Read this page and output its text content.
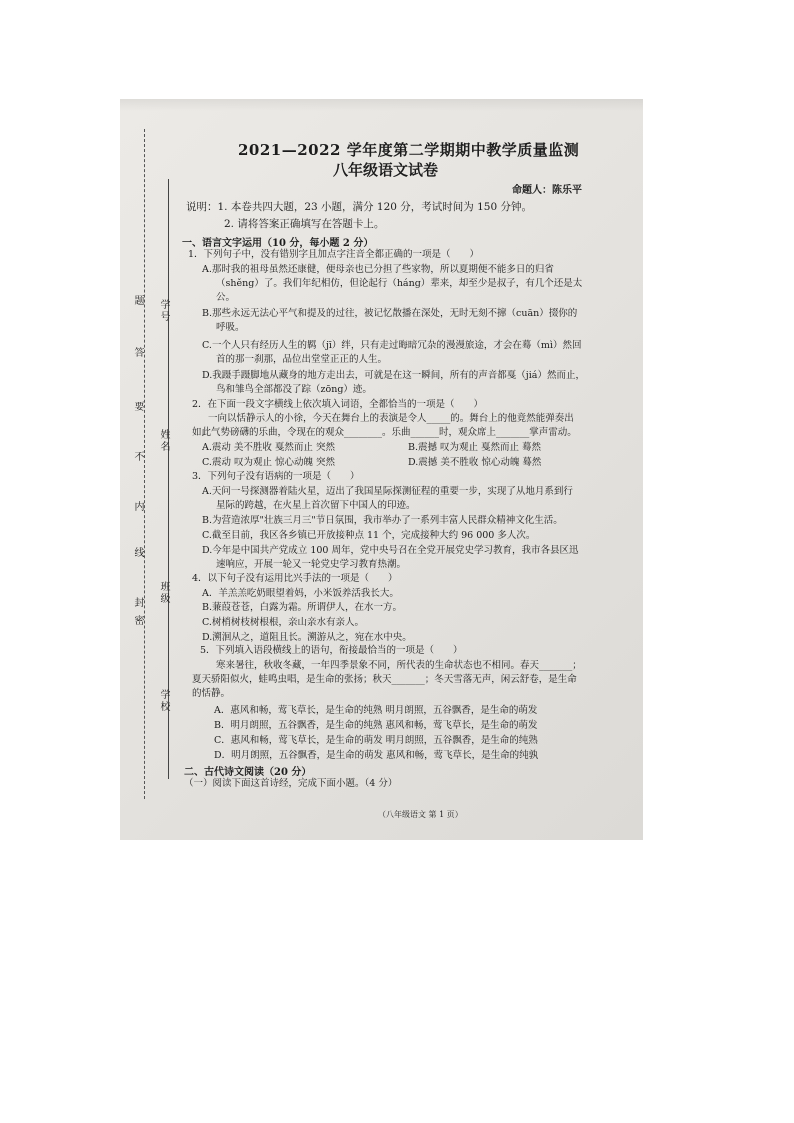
题
答
要
不
内
线
封
密
学号
姓名
班级
学校
2021—2022 学年度第二学期期中教学质量监测
八年级语文试卷
命题人：陈乐平
说明：1. 本卷共四大题，23 小题，满分 120 分，考试时间为 150 分钟。
2. 请将答案正确填写在答题卡上。
一、语言文字运用（10 分，每小题 2 分）
1．下列句子中，没有错别字且加点字注音全都正确的一项是（　　）
A.那时我的祖母虽然还康健，便母亲也已分担了些家物，所以夏期便不能多日的归省
（shěng）了。我们年纪相仿，但论起行（háng）辈来，却至少是叔子，有几个还是太
公。
B.那些永远无法心平气和提及的过往，被记忆散播在深处，无时无刻不撺（cuān）掇你的
呼吸。
C.一个人只有经历人生的羁（jī）绊，只有走过晦暗冗杂的漫漫旅途，才会在蓦（mì）然回
首的那一刹那，品位出堂堂正正的人生。
D.我蹑手蹑脚地从藏身的地方走出去，可就是在这一瞬间，所有的声音都戛（jiá）然而止，
鸟和雏鸟全部都没了踪（zōng）迹。
2．在下面一段文字横线上依次填入词语，全都恰当的一项是（　　）
一向以恬静示人的小徐，今天在舞台上的表演是令人_____的。舞台上的他竟然能弹奏出
如此气势磅礴的乐曲，令现在的观众________。乐曲______时，观众席上_______掌声雷动。
A.震动 美不胜收 戛然而止 突然	B.震撼 叹为观止 戛然而止 蓦然
C.震动 叹为观止 惊心动魄 突然	D.震撼 美不胜收 惊心动魄 蓦然
3．下列句子没有语病的一项是（　　）
A.天问一号探测器着陆火星，迈出了我国星际探测征程的重要一步，实现了从地月系到行
星际的跨越，在火星上首次留下中国人的印迹。
B.为营造浓厚"壮族三月三"节日氛围，我市举办了一系列丰富人民群众精神文化生活。
C.截至目前，我区各乡镇已开放接种点 11 个，完成接种大约 96 000 多人次。
D.今年是中国共产党成立 100 周年，党中央号召在全党开展党史学习教育，我市各县区迅
速响应，开展一轮又一轮党史学习教育热潮。
4．以下句子没有运用比兴手法的一项是（　　）
A．羊羔羔吃奶眼望着妈，小米饭养活我长大。
B.蒹葭苍苍，白露为霜。所谓伊人，在水一方。
C.树梢树枝树根根，亲山亲水有亲人。
D.溯洄从之，道阻且长。溯游从之，宛在水中央。
5．下列填入语段横线上的语句，衔接最恰当的一项是（　　）
寒来暑往，秋收冬藏，一年四季景象不同，所代表的生命状态也不相同。春天_______；
夏天骄阳似火，蛙鸣虫唱，是生命的张扬；秋天_______；冬天雪落无声，闲云舒卷，是生命
的恬静。
A．惠风和畅，莺飞草长，是生命的纯熟 明月朗照，五谷飘香，是生命的萌发
B．明月朗照，五谷飘香，是生命的纯熟 惠风和畅，莺飞草长，是生命的萌发
C．惠风和畅，莺飞草长，是生命的萌发 明月朗照，五谷飘香，是生命的纯熟
D．明月朗照，五谷飘香，是生命的萌发 惠风和畅，莺飞草长，是生命的纯孰
二、古代诗文阅读（20 分）
（一）阅读下面这首诗经，完成下面小题。（4 分）
（八年级语文 第 1 页）
